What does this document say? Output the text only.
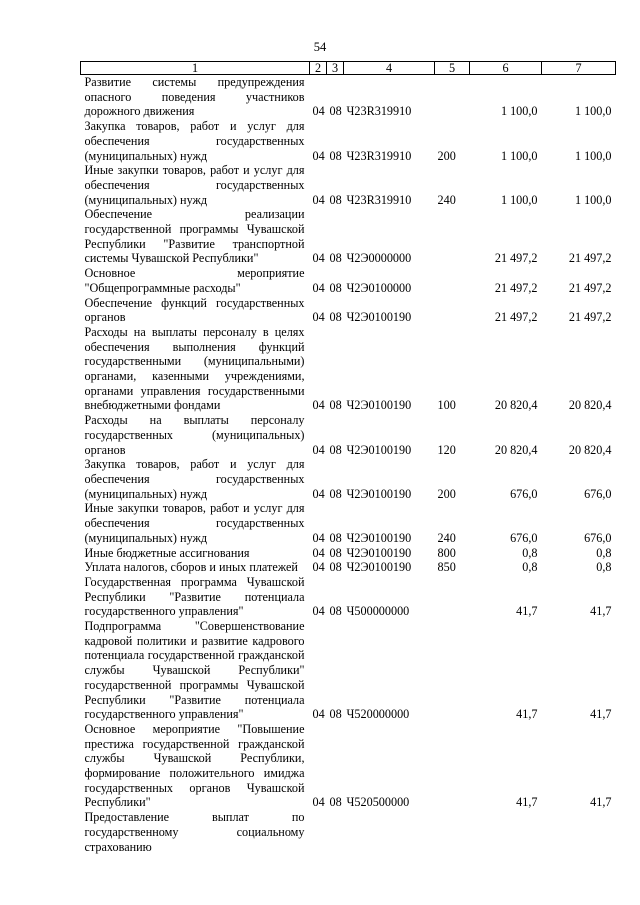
54
1	2	3	4	5	6	7
Развитие системы предупреждения опасного поведения участников дорожного движения	04	08	Ч23R319910		1 100,0	1 100,0
Закупка товаров, работ и услуг для обеспечения государственных (муниципальных) нужд	04	08	Ч23R319910	200	1 100,0	1 100,0
Иные закупки товаров, работ и услуг для обеспечения государственных (муниципальных) нужд	04	08	Ч23R319910	240	1 100,0	1 100,0
Обеспечение реализации государственной программы Чувашской Республики "Развитие транспортной системы Чувашской Республики"	04	08	Ч2Э0000000		21 497,2	21 497,2
Основное мероприятие "Общепрограммные расходы"	04	08	Ч2Э0100000		21 497,2	21 497,2
Обеспечение функций государственных органов	04	08	Ч2Э0100190		21 497,2	21 497,2
Расходы на выплаты персоналу в целях обеспечения выполнения функций государственными (муниципальными) органами, казенными учреждениями, органами управления государственными внебюджетными фондами	04	08	Ч2Э0100190	100	20 820,4	20 820,4
Расходы на выплаты персоналу государственных (муниципальных) органов	04	08	Ч2Э0100190	120	20 820,4	20 820,4
Закупка товаров, работ и услуг для обеспечения государственных (муниципальных) нужд	04	08	Ч2Э0100190	200	676,0	676,0
Иные закупки товаров, работ и услуг для обеспечения государственных (муниципальных) нужд	04	08	Ч2Э0100190	240	676,0	676,0
Иные бюджетные ассигнования	04	08	Ч2Э0100190	800	0,8	0,8
Уплата налогов, сборов и иных платежей	04	08	Ч2Э0100190	850	0,8	0,8
Государственная программа Чувашской Республики "Развитие потенциала государственного управления"	04	08	Ч500000000		41,7	41,7
Подпрограмма "Совершенствование кадровой политики и развитие кадрового потенциала государственной гражданской службы Чувашской Республики" государственной программы Чувашской Республики "Развитие потенциала государственного управления"	04	08	Ч520000000		41,7	41,7
Основное мероприятие "Повышение престижа государственной гражданской службы Чувашской Республики, формирование положительного имиджа государственных органов Чувашской Республики"	04	08	Ч520500000		41,7	41,7
Предоставление выплат по государственному социальному страхованию						
